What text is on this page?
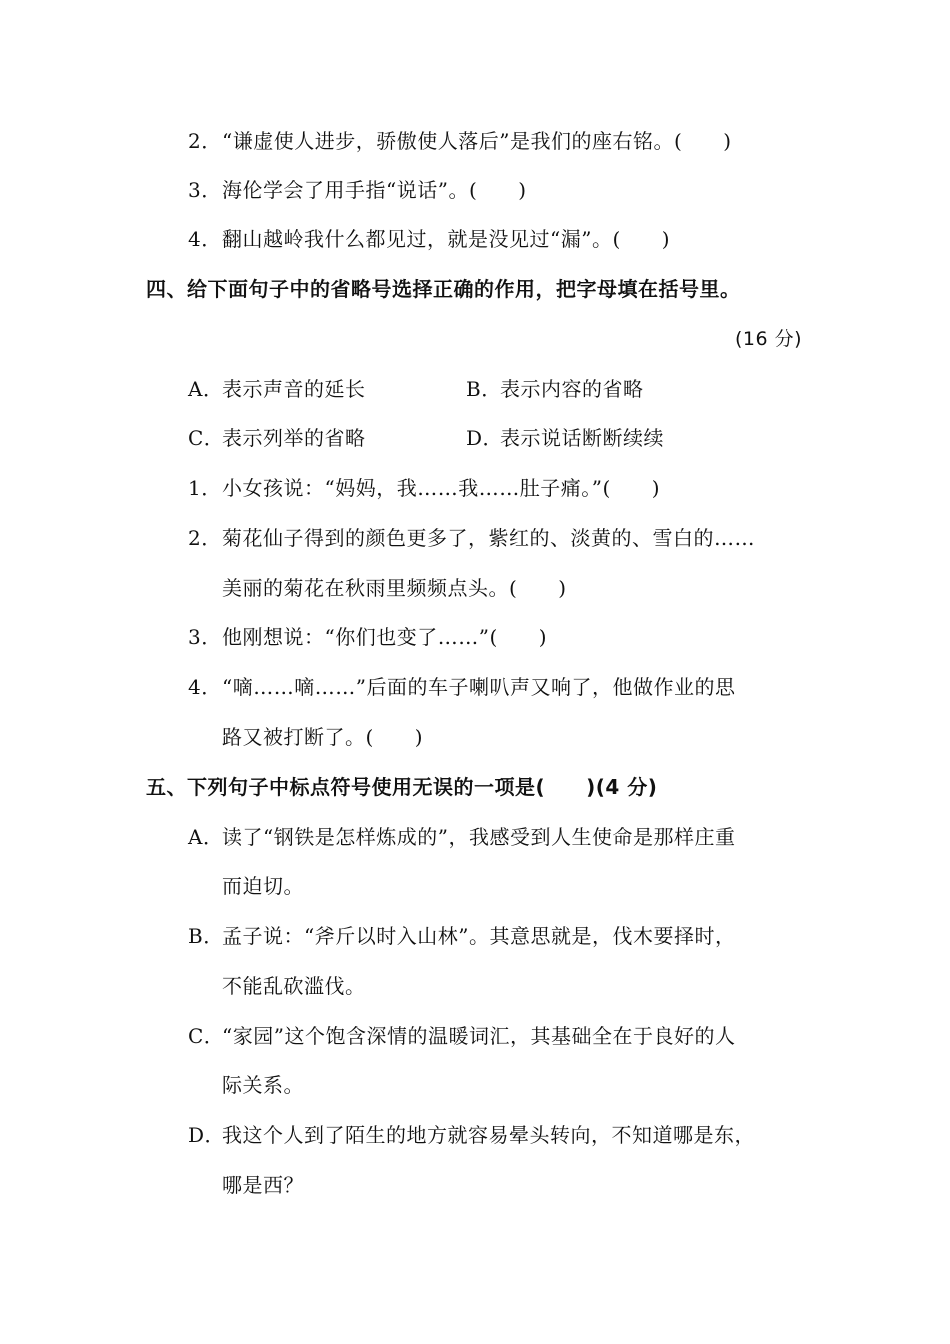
2．“谦虚使人进步，骄傲使人落后”是我们的座右铭。(　　)
3．海伦学会了用手指“说话”。(　　)
4．翻山越岭我什么都见过，就是没见过“漏”。(　　)
四、给下面句子中的省略号选择正确的作用，把字母填在括号里。
(16 分)
A．表示声音的延长	B．表示内容的省略
C．表示列举的省略	D．表示说话断断续续
1．小女孩说：“妈妈，我……我……肚子痛。”(　　)
2．菊花仙子得到的颜色更多了，紫红的、淡黄的、雪白的……
美丽的菊花在秋雨里频频点头。(　　)
3．他刚想说：“你们也变了……”(　　)
4．“嘀……嘀……”后面的车子喇叭声又响了，他做作业的思
路又被打断了。(　　)
五、下列句子中标点符号使用无误的一项是(　　)(4 分)
A．读了“钢铁是怎样炼成的”，我感受到人生使命是那样庄重
而迫切。
B．孟子说：“斧斤以时入山林”。其意思就是，伐木要择时，
不能乱砍滥伐。
C．“家园”这个饱含深情的温暖词汇，其基础全在于良好的人
际关系。
D．我这个人到了陌生的地方就容易晕头转向，不知道哪是东，
哪是西？
